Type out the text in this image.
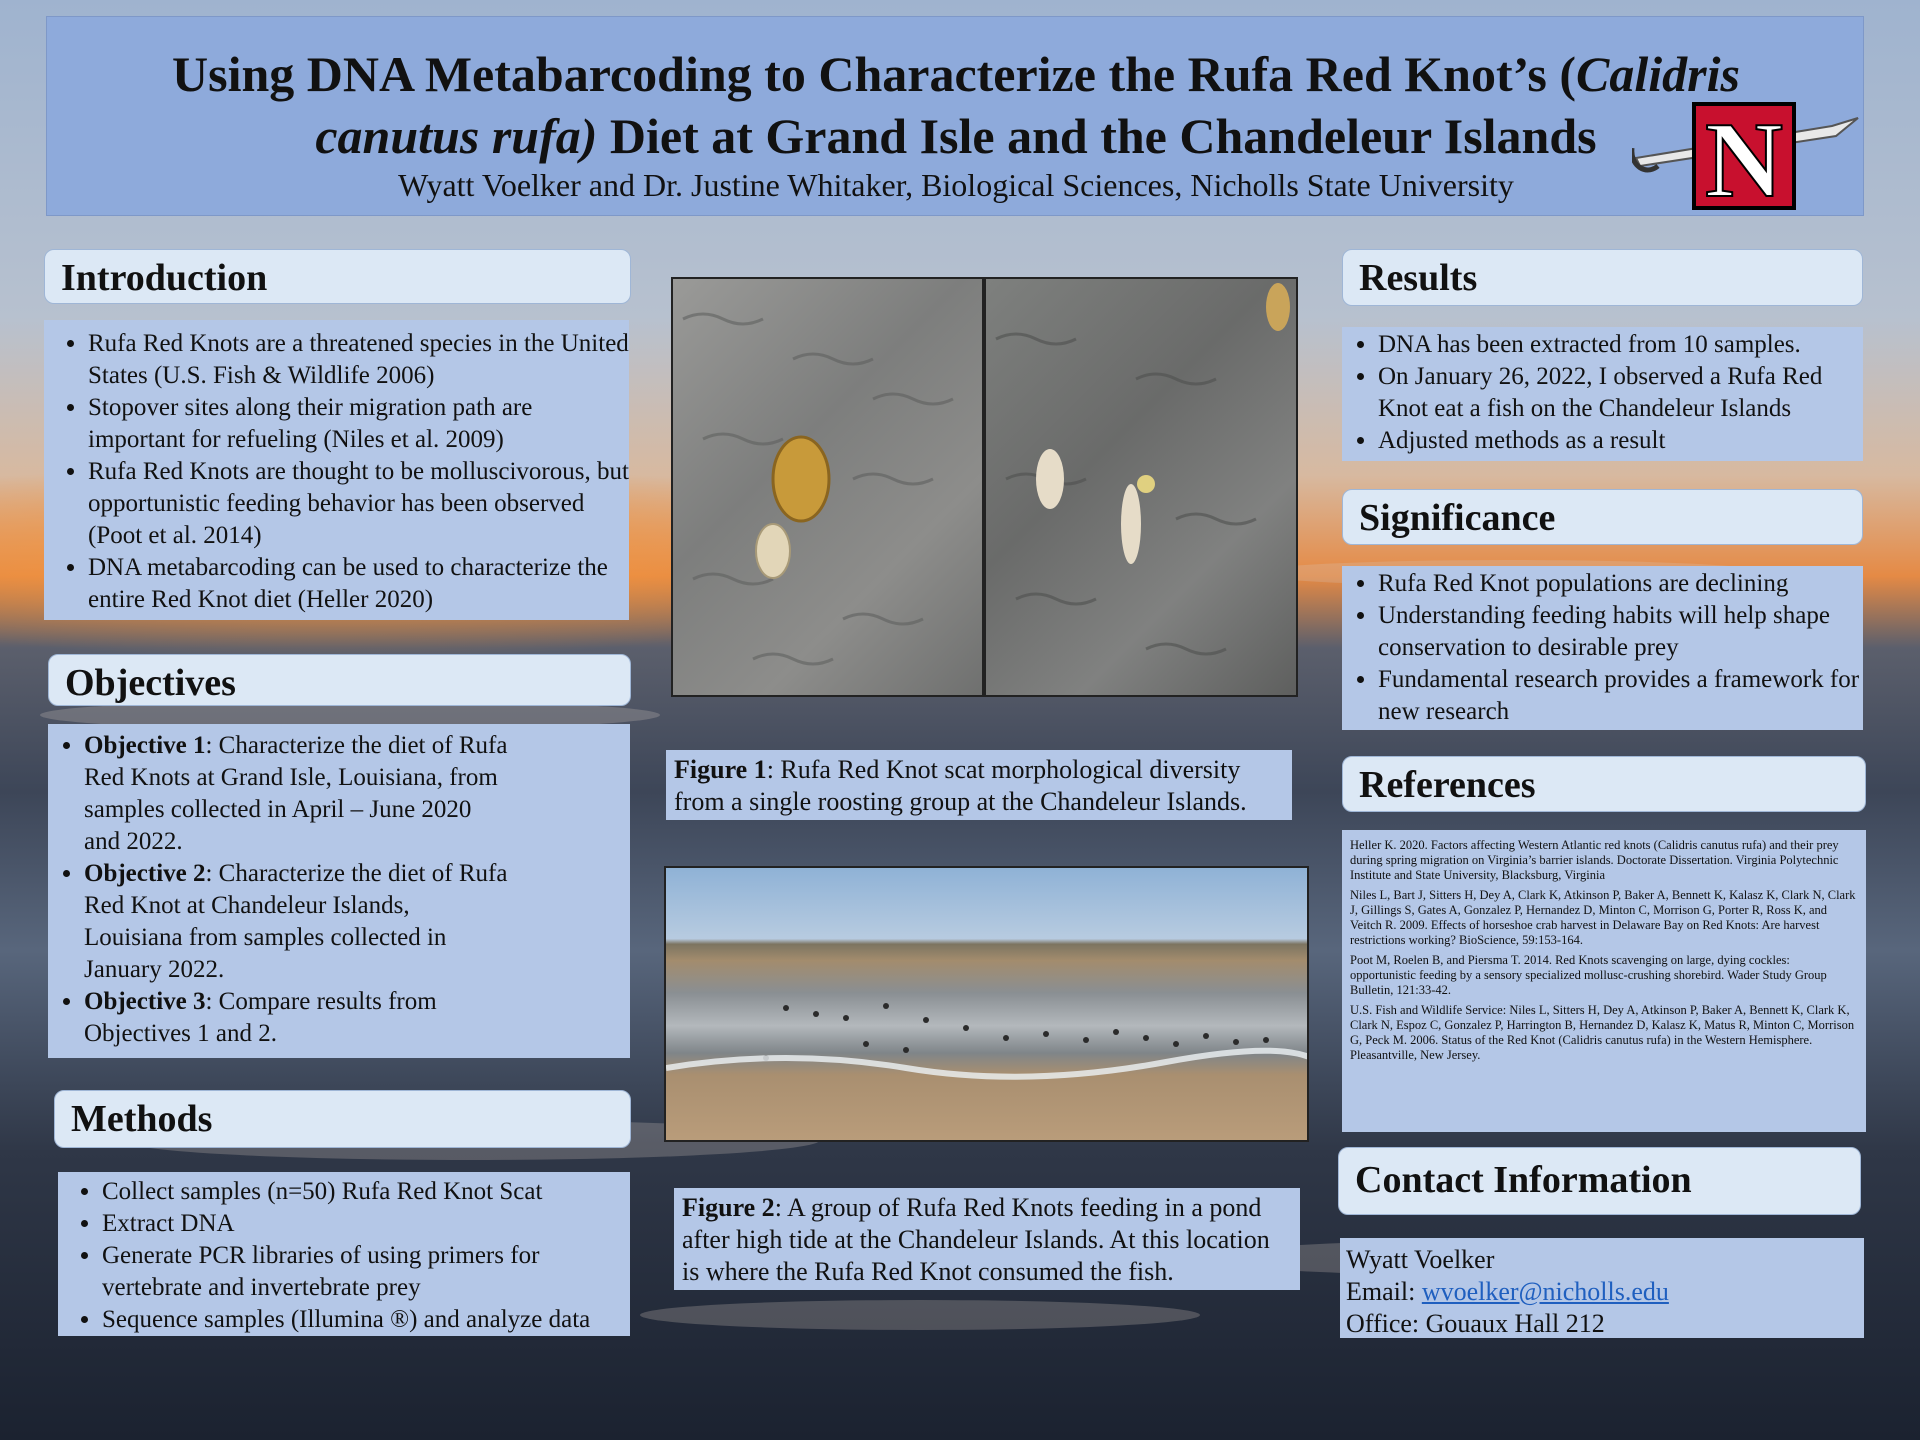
Using DNA Metabarcoding to Characterize the Rufa Red Knot’s (Calidris
canutus rufa) Diet at Grand Isle and the Chandeleur Islands
Wyatt Voelker and Dr. Justine Whitaker, Biological Sciences, Nicholls State University	N
Introduction
• Rufa Red Knots are a threatened species in the United States (U.S. Fish & Wildlife 2006)
• Stopover sites along their migration path are important for refueling (Niles et al. 2009)
• Rufa Red Knots are thought to be molluscivorous, but opportunistic feeding behavior has been observed (Poot et al. 2014)
• DNA metabarcoding can be used to characterize the entire Red Knot diet (Heller 2020)
Objectives
• Objective 1: Characterize the diet of Rufa Red Knots at Grand Isle, Louisiana, from samples collected in April – June 2020 and 2022.
• Objective 2: Characterize the diet of Rufa Red Knot at Chandeleur Islands, Louisiana from samples collected in January 2022.
• Objective 3: Compare results from Objectives 1 and 2.
Methods
• Collect samples (n=50) Rufa Red Knot Scat
• Extract DNA
• Generate PCR libraries of using primers for vertebrate and invertebrate prey
• Sequence samples (Illumina ®) and analyze data
Figure 1: Rufa Red Knot scat morphological diversity from a single roosting group at the Chandeleur Islands.
Figure 2: A group of Rufa Red Knots feeding in a pond after high tide at the Chandeleur Islands. At this location is where the Rufa Red Knot consumed the fish.
Results
• DNA has been extracted from 10 samples.
• On January 26, 2022, I observed a Rufa Red Knot eat a fish on the Chandeleur Islands
• Adjusted methods as a result
Significance
• Rufa Red Knot populations are declining
• Understanding feeding habits will help shape conservation to desirable prey
• Fundamental research provides a framework for new research
References

Heller K. 2020. Factors affecting Western Atlantic red knots (Calidris canutus rufa) and their prey during spring migration on Virginia’s barrier islands. Doctorate Dissertation. Virginia Polytechnic Institute and State University, Blacksburg, Virginia

Niles L, Bart J, Sitters H, Dey A, Clark K, Atkinson P, Baker A, Bennett K, Kalasz K, Clark N, Clark J, Gillings S, Gates A, Gonzalez P, Hernandez D, Minton C, Morrison G, Porter R, Ross K, and Veitch R. 2009. Effects of horseshoe crab harvest in Delaware Bay on Red Knots: Are harvest restrictions working? BioScience, 59:153-164.

Poot M, Roelen B, and Piersma T. 2014. Red Knots scavenging on large, dying cockles: opportunistic feeding by a sensory specialized mollusc-crushing shorebird. Wader Study Group Bulletin, 121:33-42.

U.S. Fish and Wildlife Service: Niles L, Sitters H, Dey A, Atkinson P, Baker A, Bennett K, Clark K, Clark N, Espoz C, Gonzalez P, Harrington B, Hernandez D, Kalasz K, Matus R, Minton C, Morrison G, Peck M. 2006. Status of the Red Knot (Calidris canutus rufa) in the Western Hemisphere. Pleasantville, New Jersey.

Contact Information
Wyatt Voelker
Email: wvoelker@nicholls.edu
Office: Gouaux Hall 212
